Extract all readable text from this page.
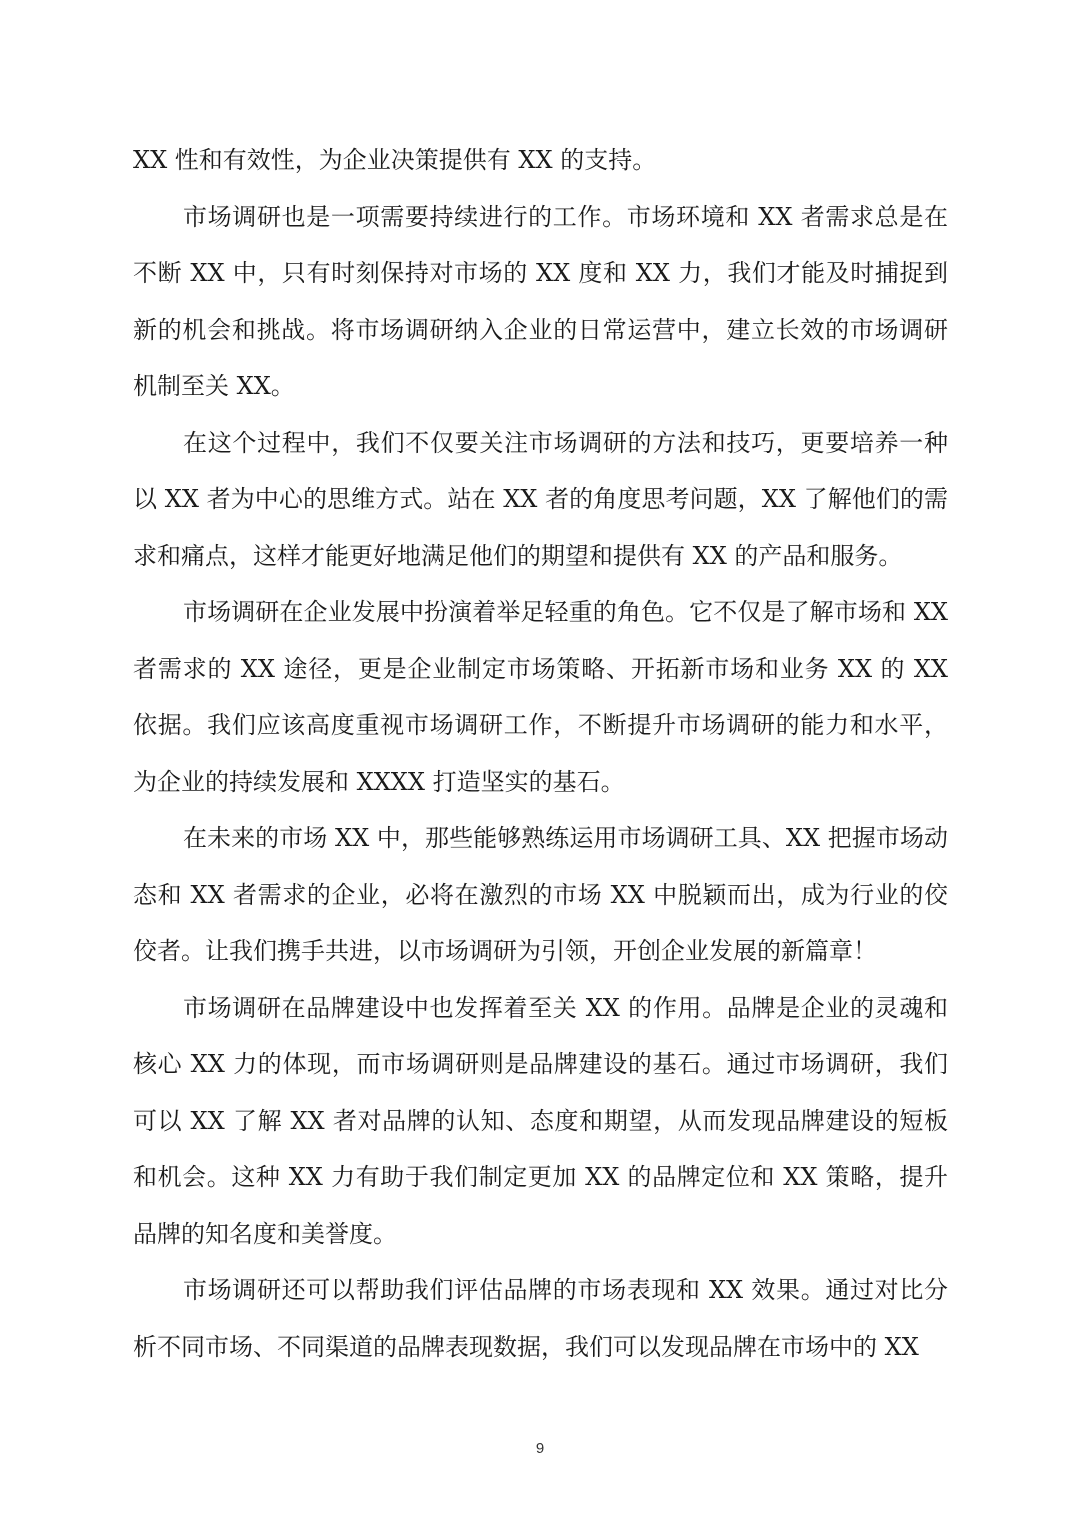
XX 性和有效性，为企业决策提供有 XX 的支持。

市场调研也是一项需要持续进行的工作。市场环境和 XX 者需求总是在不断 XX 中，只有时刻保持对市场的 XX 度和 XX 力，我们才能及时捕捉到新的机会和挑战。将市场调研纳入企业的日常运营中，建立长效的市场调研机制至关 XX。

在这个过程中，我们不仅要关注市场调研的方法和技巧，更要培养一种以 XX 者为中心的思维方式。站在 XX 者的角度思考问题，XX 了解他们的需求和痛点，这样才能更好地满足他们的期望和提供有 XX 的产品和服务。

市场调研在企业发展中扮演着举足轻重的角色。它不仅是了解市场和 XX 者需求的 XX 途径，更是企业制定市场策略、开拓新市场和业务 XX 的 XX 依据。我们应该高度重视市场调研工作，不断提升市场调研的能力和水平，为企业的持续发展和 XXXX 打造坚实的基石。

在未来的市场 XX 中，那些能够熟练运用市场调研工具、XX 把握市场动态和 XX 者需求的企业，必将在激烈的市场 XX 中脱颖而出，成为行业的佼佼者。让我们携手共进，以市场调研为引领，开创企业发展的新篇章！

市场调研在品牌建设中也发挥着至关 XX 的作用。品牌是企业的灵魂和核心 XX 力的体现，而市场调研则是品牌建设的基石。通过市场调研，我们可以 XX 了解 XX 者对品牌的认知、态度和期望，从而发现品牌建设的短板和机会。这种 XX 力有助于我们制定更加 XX 的品牌定位和 XX 策略，提升品牌的知名度和美誉度。

市场调研还可以帮助我们评估品牌的市场表现和 XX 效果。通过对比分析不同市场、不同渠道的品牌表现数据，我们可以发现品牌在市场中的 XX

9
